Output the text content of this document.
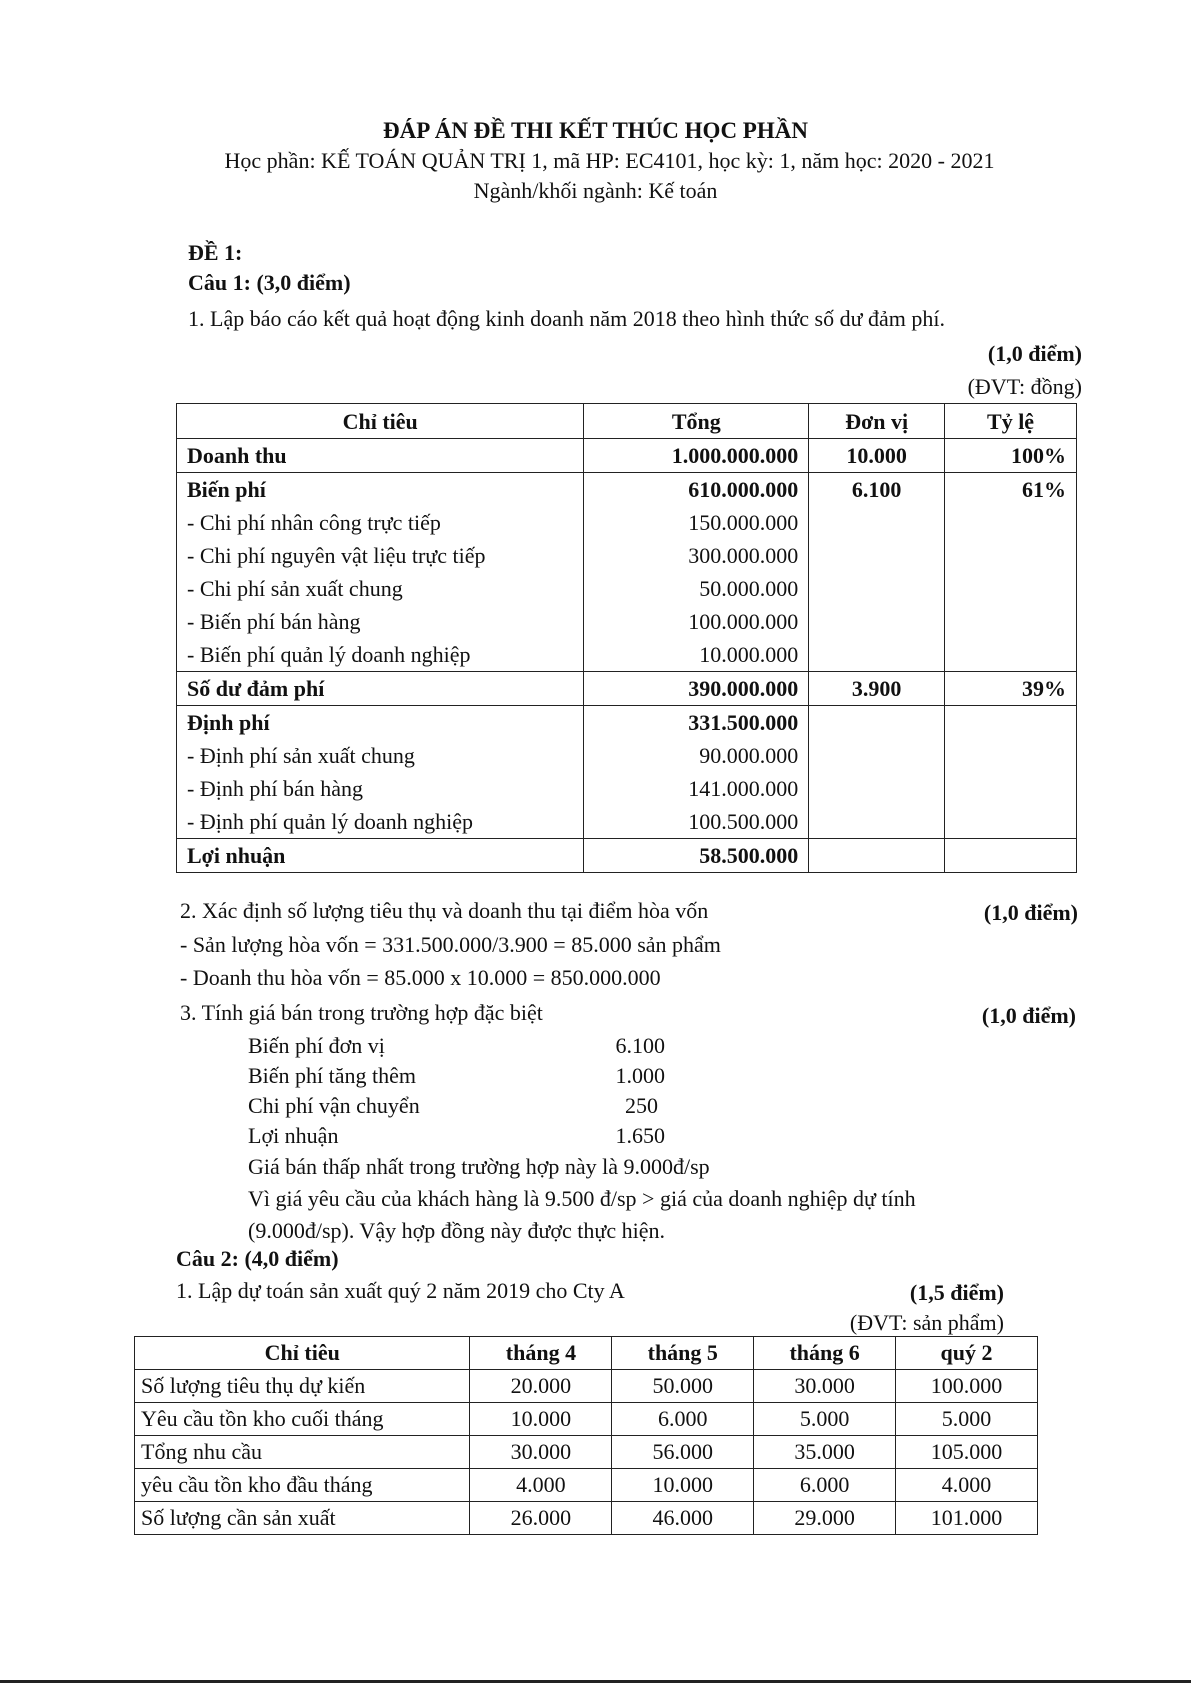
ĐÁP ÁN ĐỀ THI KẾT THÚC HỌC PHẦN
Học phần: KẾ TOÁN QUẢN TRỊ 1, mã HP: EC4101, học kỳ: 1, năm học: 2020 - 2021
Ngành/khối ngành: Kế toán
ĐỀ 1:
Câu 1: (3,0 điểm)
1. Lập báo cáo kết quả hoạt động kinh doanh năm 2018 theo hình thức số dư đảm phí.
(1,0 điểm)
(ĐVT: đồng)
Chỉ tiêu	Tổng	Đơn vị	Tỷ lệ
Doanh thu	1.000.000.000	10.000	100%
Biến phí	610.000.000	6.100	61%
- Chi phí nhân công trực tiếp	150.000.000		
- Chi phí nguyên vật liệu trực tiếp	300.000.000		
- Chi phí sản xuất chung	50.000.000		
- Biến phí bán hàng	100.000.000		
- Biến phí quản lý doanh nghiệp	10.000.000		
Số dư đảm phí	390.000.000	3.900	39%
Định phí	331.500.000		
- Định phí sản xuất chung	90.000.000		
- Định phí bán hàng	141.000.000		
- Định phí quản lý doanh nghiệp	100.500.000		
Lợi nhuận	58.500.000		
2. Xác định số lượng tiêu thụ và doanh thu tại điểm hòa vốn	(1,0 điểm)
- Sản lượng hòa vốn = 331.500.000/3.900 = 85.000 sản phẩm
- Doanh thu hòa vốn = 85.000 x 10.000 = 850.000.000
3. Tính giá bán trong trường hợp đặc biệt	(1,0 điểm)
Biến phí đơn vị	6.100
Biến phí tăng thêm	1.000
Chi phí vận chuyển	250
Lợi nhuận	1.650
Giá bán thấp nhất trong trường hợp này là 9.000đ/sp
Vì giá yêu cầu của khách hàng là 9.500 đ/sp > giá của doanh nghiệp dự tính
(9.000đ/sp). Vậy hợp đồng này được thực hiện.
Câu 2: (4,0 điểm)
1. Lập dự toán sản xuất quý 2 năm 2019 cho Cty A	(1,5 điểm)
(ĐVT: sản phẩm)
Chỉ tiêu	tháng 4	tháng 5	tháng 6	quý 2
Số lượng tiêu thụ dự kiến	20.000	50.000	30.000	100.000
Yêu cầu tồn kho cuối tháng	10.000	6.000	5.000	5.000
Tổng nhu cầu	30.000	56.000	35.000	105.000
yêu cầu tồn kho đầu tháng	4.000	10.000	6.000	4.000
Số lượng cần sản xuất	26.000	46.000	29.000	101.000
